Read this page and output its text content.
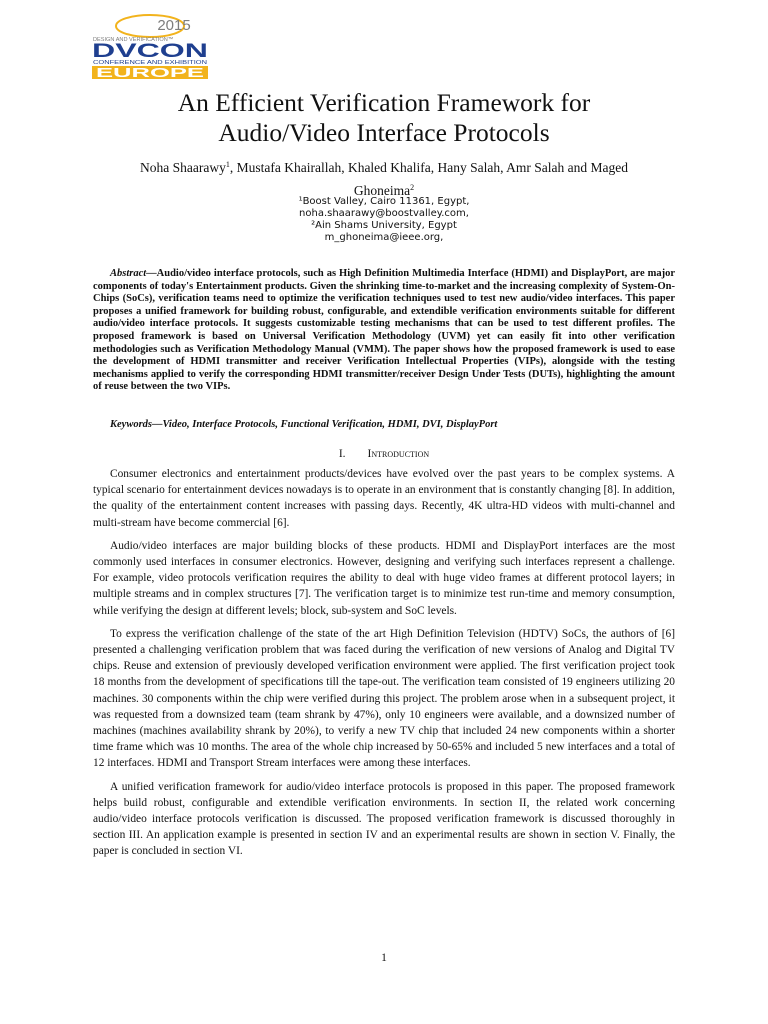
2015
DESIGN AND VERIFICATION™
DVCON
CONFERENCE AND EXHIBITION
EUROPE
An Efficient Verification Framework for
Audio/Video Interface Protocols
Noha Shaarawy$^1$, Mustafa Khairallah, Khaled Khalifa, Hany Salah, Amr Salah and Maged
Ghoneima$^2$
¹Boost Valley, Cairo 11361, Egypt,
noha.shaarawy@boostvalley.com,
²Ain Shams University, Egypt
m_ghoneima@ieee.org,

Abstract—Audio/video interface protocols, such as High Definition Multimedia Interface (HDMI) and DisplayPort, are major components of today's Entertainment products. Given the shrinking time-to-market and the increasing complexity of System-On-Chips (SoCs), verification teams need to optimize the verification techniques used to test new audio/video interfaces. This paper proposes a unified framework for building robust, configurable, and extendible verification environments suitable for different audio/video interface protocols. It suggests customizable testing mechanisms that can be used to test different profiles. The proposed framework is based on Universal Verification Methodology (UVM) yet can easily fit into other verification methodologies such as Verification Methodology Manual (VMM). The paper shows how the proposed framework is used to ease the development of HDMI transmitter and receiver Verification Intellectual Properties (VIPs), alongside with the testing mechanisms applied to verify the corresponding HDMI transmitter/receiver Design Under Tests (DUTs), highlighting the amount of reuse between the two VIPs.

Keywords—Video, Interface Protocols, Functional Verification, HDMI, DVI, DisplayPort

I. Introduction

Consumer electronics and entertainment products/devices have evolved over the past years to be complex systems. A typical scenario for entertainment devices nowadays is to operate in an environment that is constantly changing [8]. In addition, the quality of the entertainment content increases with passing days. Recently, 4K ultra-HD videos with multi-channel and multi-stream have become commercial [6].

Audio/video interfaces are major building blocks of these products. HDMI and DisplayPort interfaces are the most commonly used interfaces in consumer electronics. However, designing and verifying such interfaces represent a challenge. For example, video protocols verification requires the ability to deal with huge video frames at different protocol layers; in multiple streams and in complex structures [7]. The verification target is to minimize test run-time and memory consumption, while verifying the design at different levels; block, sub-system and SoC levels.

To express the verification challenge of the state of the art High Definition Television (HDTV) SoCs, the authors of [6] presented a challenging verification problem that was faced during the verification of new versions of Analog and Digital TV chips. Reuse and extension of previously developed verification environment were applied. The first verification project took 18 months from the development of specifications till the tape-out. The verification team consisted of 19 engineers utilizing 20 machines. 30 components within the chip were verified during this project. The problem arose when in a subsequent project, it was requested from a downsized team (team shrank by 47%), only 10 engineers were available, and a downsized number of machines (machines availability shrank by 20%), to verify a new TV chip that included 24 new components within a shorter time frame which was 10 months. The area of the whole chip increased by 50-65% and included 5 new interfaces and a total of 12 interfaces. HDMI and Transport Stream interfaces were among these interfaces.

A unified verification framework for audio/video interface protocols is proposed in this paper. The proposed framework helps build robust, configurable and extendible verification environments. In section II, the related work concerning audio/video interface protocols verification is discussed. The proposed verification framework is discussed thoroughly in section III. An application example is presented in section IV and an experimental results are shown in section V. Finally, the paper is concluded in section VI.

1
